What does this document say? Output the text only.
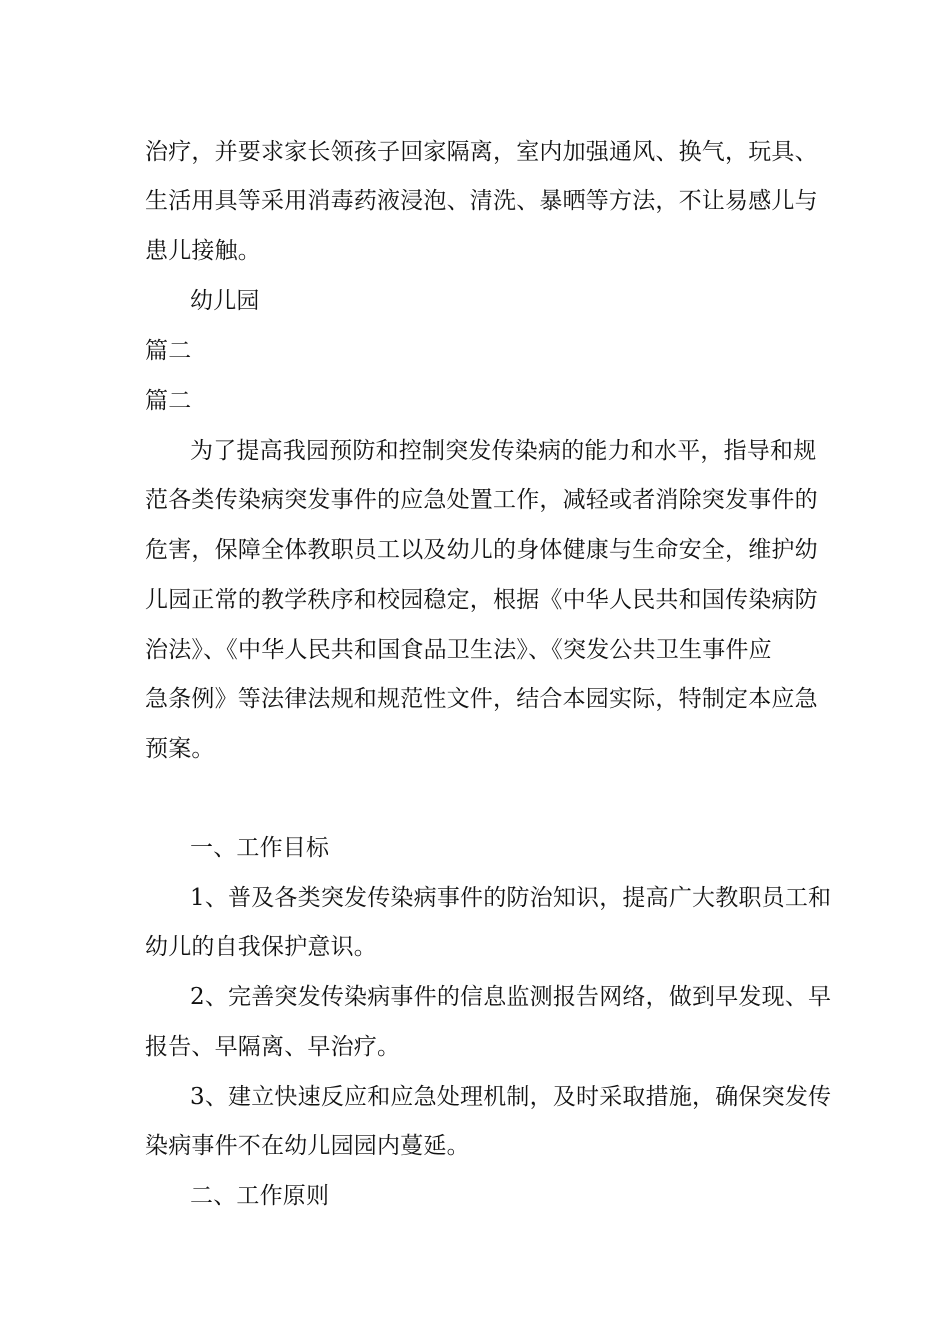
治疗，并要求家长领孩子回家隔离，室内加强通风、换气，玩具、
生活用具等采用消毒药液浸泡、清洗、暴晒等方法，不让易感儿与
患儿接触。
幼儿园
篇二
篇二
为了提高我园预防和控制突发传染病的能力和水平，指导和规
范各类传染病突发事件的应急处置工作，减轻或者消除突发事件的
危害，保障全体教职员工以及幼儿的身体健康与生命安全，维护幼
儿园正常的教学秩序和校园稳定，根据《中华人民共和国传染病防
治法》、《中华人民共和国食品卫生法》、《突发公共卫生事件应
急条例》等法律法规和规范性文件，结合本园实际，特制定本应急
预案。
一、工作目标
1、普及各类突发传染病事件的防治知识，提高广大教职员工和
幼儿的自我保护意识。
2、完善突发传染病事件的信息监测报告网络，做到早发现、早
报告、早隔离、早治疗。
3、建立快速反应和应急处理机制，及时采取措施，确保突发传
染病事件不在幼儿园园内蔓延。
二、工作原则
